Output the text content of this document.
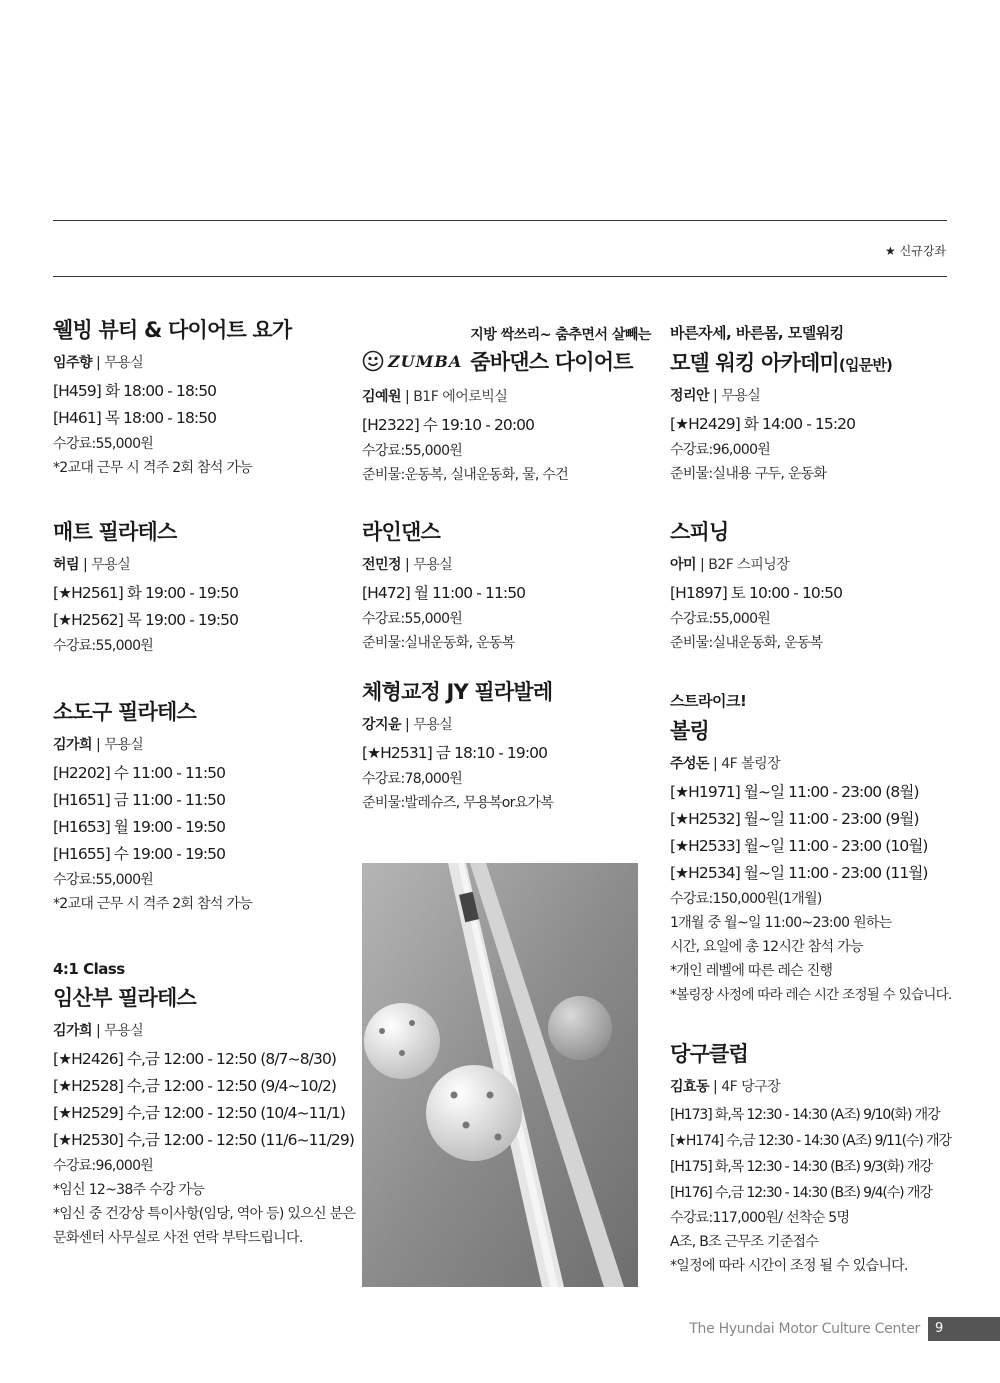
★ 신규강좌
웰빙 뷰티 & 다이어트 요가
임주향 | 무용실
[H459] 화 18:00 - 18:50
[H461] 목 18:00 - 18:50
수강료:55,000원
*2교대 근무 시 격주 2회 참석 가능
매트 필라테스
허림 | 무용실
[★H2561] 화 19:00 - 19:50
[★H2562] 목 19:00 - 19:50
수강료:55,000원
소도구 필라테스
김가희 | 무용실
[H2202] 수 11:00 - 11:50
[H1651] 금 11:00 - 11:50
[H1653] 월 19:00 - 19:50
[H1655] 수 19:00 - 19:50
수강료:55,000원
*2교대 근무 시 격주 2회 참석 가능
4:1 Class
임산부 필라테스
김가희 | 무용실
[★H2426] 수,금 12:00 - 12:50 (8/7~8/30)
[★H2528] 수,금 12:00 - 12:50 (9/4~10/2)
[★H2529] 수,금 12:00 - 12:50 (10/4~11/1)
[★H2530] 수,금 12:00 - 12:50 (11/6~11/29)
수강료:96,000원
*임신 12~38주 수강 가능
*임신 중 건강상 특이사항(임당, 역아 등) 있으신 분은
문화센터 사무실로 사전 연락 부탁드립니다.
ZUMBA
지방 싹쓰리~ 춤추면서 살빼는
줌바댄스 다이어트
김예원 | B1F 에어로빅실
[H2322] 수 19:10 - 20:00
수강료:55,000원
준비물:운동복, 실내운동화, 물, 수건
라인댄스
전민정 | 무용실
[H472] 월 11:00 - 11:50
수강료:55,000원
준비물:실내운동화, 운동복
체형교정 JY 필라발레
강지윤 | 무용실
[★H2531] 금 18:10 - 19:00
수강료:78,000원
준비물:발레슈즈, 무용복or요가복
바른자세, 바른몸, 모델워킹
모델 워킹 아카데미(입문반)
정리안 | 무용실
[★H2429] 화 14:00 - 15:20
수강료:96,000원
준비물:실내용 구두, 운동화
스피닝
아미 | B2F 스피닝장
[H1897] 토 10:00 - 10:50
수강료:55,000원
준비물:실내운동화, 운동복
스트라이크!
볼링
주성돈 | 4F 볼링장
[★H1971] 월~일 11:00 - 23:00 (8월)
[★H2532] 월~일 11:00 - 23:00 (9월)
[★H2533] 월~일 11:00 - 23:00 (10월)
[★H2534] 월~일 11:00 - 23:00 (11월)
수강료:150,000원(1개월)
1개월 중 월~일 11:00~23:00 원하는
시간, 요일에 총 12시간 참석 가능
*개인 레벨에 따른 레슨 진행
*볼링장 사정에 따라 레슨 시간 조정될 수 있습니다.
당구클럽
김효동 | 4F 당구장
[H173] 화,목 12:30 - 14:30 (A조) 9/10(화) 개강
[★H174] 수,금 12:30 - 14:30 (A조) 9/11(수) 개강
[H175] 화,목 12:30 - 14:30 (B조) 9/3(화) 개강
[H176] 수,금 12:30 - 14:30 (B조) 9/4(수) 개강
수강료:117,000원/ 선착순 5명
A조, B조 근무조 기준접수
*일정에 따라 시간이 조정 될 수 있습니다.
The Hyundai Motor Culture Center	9
